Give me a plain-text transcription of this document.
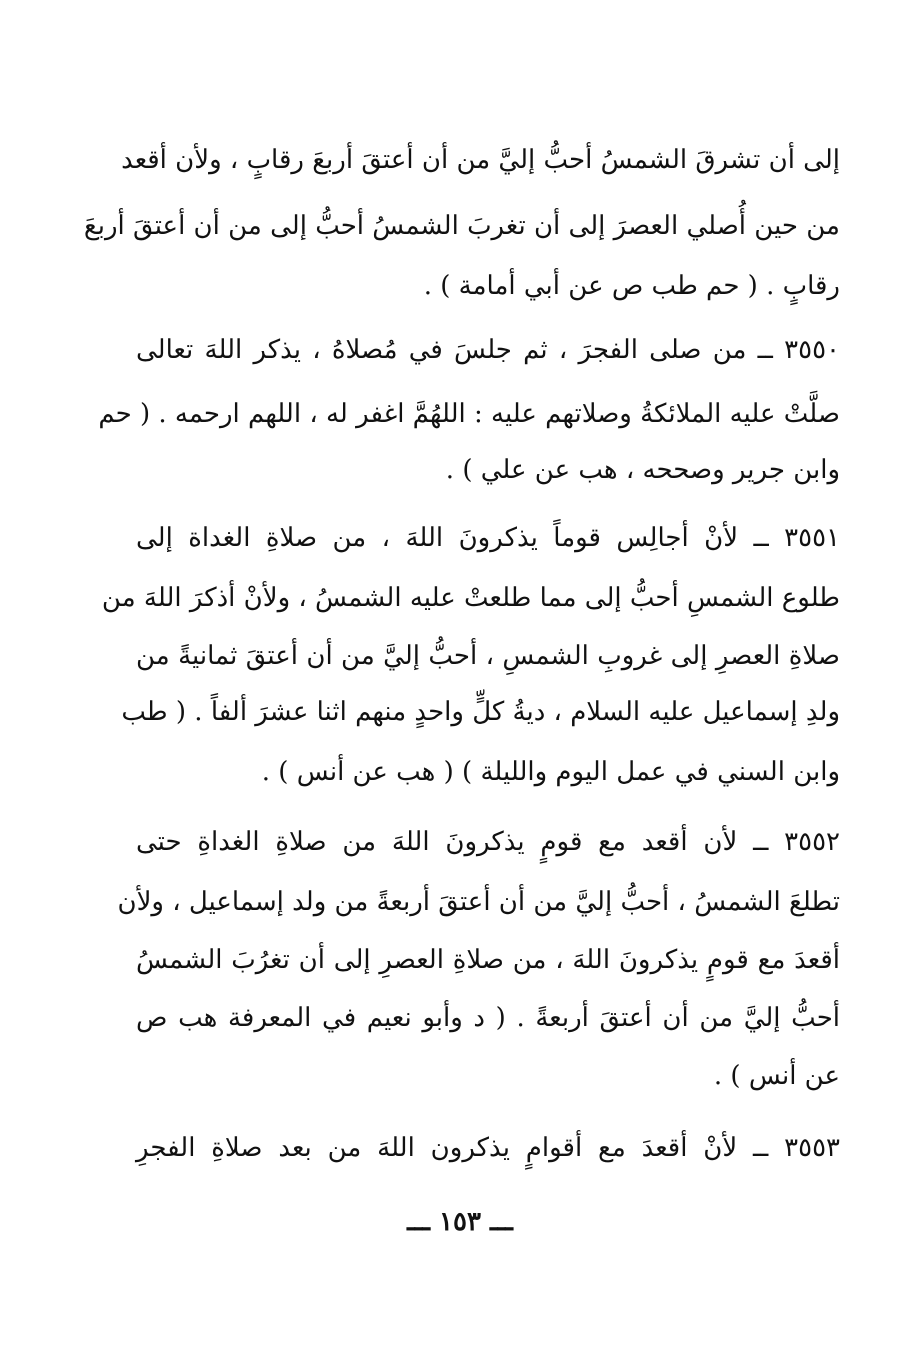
إلى أن تشرقَ الشمسُ أحبُّ إليَّ من أن أعتقَ أربعَ رقابٍ ، ولأن أقعد
من حين أُصلي العصرَ إلى أن تغربَ الشمسُ أحبُّ إلى من أن أعتقَ أربعَ
رقابٍ . ( حم طب ص عن أبي أمامة ) .
٣٥٥٠ ــ من صلى الفجرَ ، ثم جلسَ في مُصلاهُ ، يذكر اللهَ تعالى
صلَّتْ عليه الملائكةُ وصلاتهم عليه : اللهُمَّ اغفر له ، اللهم ارحمه . ( حم
وابن جرير وصححه ، هب عن علي ) .
٣٥٥١ ــ لأنْ أجالِس قوماً يذكرونَ اللهَ ، من صلاةِ الغداة إلى
طلوع الشمسِ أحبُّ إلى مما طلعتْ عليه الشمسُ ، ولأنْ أذكرَ اللهَ من
صلاةِ العصرِ إلى غروبِ الشمسِ ، أحبُّ إليَّ من أن أعتقَ ثمانيةً من
ولدِ إسماعيل عليه السلام ، ديةُ كلٍّ واحدٍ منهم اثنا عشرَ ألفاً . ( طب
وابن السني في عمل اليوم والليلة ) ( هب عن أنس ) .
٣٥٥٢ ــ لأن أقعد مع قومٍ يذكرونَ اللهَ من صلاةِ الغداةِ حتى
تطلعَ الشمسُ ، أحبُّ إليَّ من أن أعتقَ أربعةً من ولد إسماعيل ، ولأن
أقعدَ مع قومٍ يذكرونَ اللهَ ، من صلاةِ العصرِ إلى أن تغرُبَ الشمسُ
أحبُّ إليَّ من أن أعتقَ أربعةً . ( د وأبو نعيم في المعرفة هب ص
عن أنس ) .
٣٥٥٣ ــ لأنْ أقعدَ مع أقوامٍ يذكرون اللهَ من بعد صلاةِ الفجرِ
ـــ ١٥٣ ـــ
